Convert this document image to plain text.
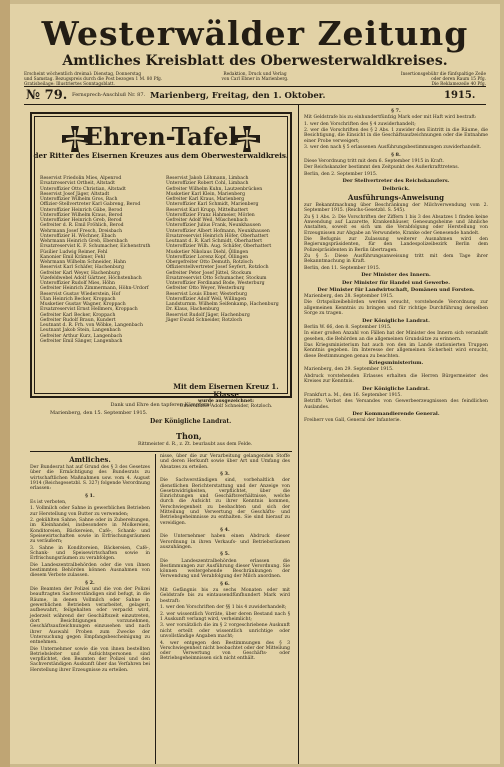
Westerwälder Zeitung
Amtliches Kreisblatt des Oberwesterwaldkreises.
Erscheint wöchentlich dreimal: Dienstag, Donnerstag
und Samstag. Bezugspreis durch die Post bezogen 1 M. 80 Pfg.
Gratisbeilage: Illustriertes Sonntagsblatt.
Redaktion, Druck und Verlag
von Carl Ebner in Marienberg.
Insertionsgebühr die fünfspaltige Zeile
oder deren Raum 15 Pfg.
Die Reklamezeile 40 Pfg.
№ 79. Fernsprech-Anschluß Nr. 87. Marienberg, Freitag, den 1. Oktober.	1915.
Ehren-Tafel
der Ritter des Eisernen Kreuzes aus dem Oberwesterwaldkreis.
Reservist Friedolin Mies, Alpenrod
Ersatzreservist Ortheit, Altstadt
Unteroffizier Otto Christian, Altstadt
Reservist Josef Jäger, Altstadt
Unteroffizier Wilhelm Gros, Bach
Offizier-Stellvertreter Karl Gabreng, Berod
Unteroffizier Heinrich Gäbe, Berod
Unteroffizier Wilhelm Kraus, Berod
Unteroffizier Heinrich Greb, Berod
Gefreiter d. R. Emil Fröhlich, Berod
Wehrmann Josef Fresch, Dreisbach
Unteroffizier H. Wöchner, Ebach
Wehrmann Heinrich Greb, Ebersbach
Ersatzreservist K. F. Schumacher, Eichenstruth
Füsilier Ludwig Reimer, Fehl
Kanonier Emil Krämer, Fehl
Wehrmann Wilhelm Schneider, Hahn
Reservist Karl Schäfer, Hachenburg
Gefreiter Karl Weyer, Hachenburg
Vizefeldwebel Adolf Gärtner, Höchstenbach
Unteroffizier Rudolf Mies, Höhn
Gefreiter Heinrich Zimmermann, Höhn-Urdorf
Reservist Gustav Wiederstein, Hof
Ulan Heinrich Becker, Kroppach
Musketier Gustav Wagner, Kroppach
Ersatzreservist Ernst Hellmers, Kroppach
Gefreiter Karl Becker, Kroppach
Gefreiter Rudolf Braun, Kundert
Leutnant d. R. Frh. von Wöbke, Langenbach
Leutnant Jakob Stein, Langenbach
Gefreiter Arthur Kurz, Langenbach
Gefreiter Emil Sänger, Langenbach
Reservist Jakob Löhmann, Limbach
Unteroffizier Robert Cohl, Limbach
Gefreiter Wilhelm Kuhn, Lautzenbrücken
Musketier Karl Klein, Marienberg
Gefreiter Karl Kraus, Marienberg
Unteroffizier Karl Schmidt, Marienberg
Reservist Karl Krupp, Mittelhattert
Unteroffizier Franz Hahmeier, Mörlen
Gefreiter Adolf Weil, Müschenbach
Unteroffizier Julius Frank, Neunkhausen
Unteroffizier Albert Hofmann, Neunkhausen
Ersatzreservist Heinrich Höfer, Oberhattert
Leutnant d. R. Karl Schmidt, Oberhattert
Unteroffizier Wilh. Aug. Schäfer, Oberhattert
Musketier Nikolaus Diehl, Öllingen
Unteroffizier Lorenz Kopf, Öllingen
Obergefreiter Otto Demuth, Rotzloch
Offizierstellvertreter Josef Seyfert, Rotzloch
Gefreiter Peter Josef Jüttel, Stockum
Ersatzreservist Otto Schumacher, Stockum
Unteroffizier Ferdinand Bode, Westerburg
Gefreiter Otto Weyer, Westerburg
Reservist Louis Ebner, Westerburg
Unteroffizier Adolf Weil, Willingen
Landsturmm. Wilhelm Seifenkamp, Hachenburg
Dr. Klaus, Hachenburg
Reservist Rudolf Jäger, Hachenburg
Jäger Ewald Schneider, Rotzloch
Mit dem Eisernen Kreuz 1. Klasse
wurde ausgezeichnet:
Unteroffizier Adolf Schneider, Rotzloch.
Dank und Ehre den tapferen Kämpfern!
Marienberg, den 15. September 1915.
Der Königliche Landrat.
Thon,
Rittmeister d. R., z. Zt. beurlaubt aus dem Felde.
Amtliches.

Der Bundesrat hat auf Grund des § 3 des Gesetzes über die Ermächtigung des Bundesrats zu wirtschaftlichen Maßnahmen usw. vom 4. August 1914 (Reichsgesetzbl. S. 327) folgende Verordnung erlassen:

§ 1.

Es ist verboten,

1. Vollmilch oder Sahne in gewerblichen Betrieben zur Herstellung von Butter zu verwenden;

2. gekühlten Sahne, Sahne oder in Zubereitungen, im Kleinhandel, insbesondere in Molkereien, Konditoreien, Bäckereien, Café-, Schank- und Speisewirtschaften sowie in Erfrischungsräumen zu veräußern;

3. Sahne in Konditoreien, Bäckereien, Café-, Schank- und Speisewirtschaften sowie in Erfrischungsräumen zu verabfolgen.

Die Landeszentralbehörden oder die von ihnen bestimmten Behörden können Ausnahmen von diesem Verbote zulassen.

§ 2.

Die Beamten der Polizei und die von der Polizei beauftragten Sachverständigen sind befugt, in die Räume, in denen Vollmilch oder Sahne in gewerblichen Betrieben verarbeitet, gelagert, aufbewahrt, feilgehalten oder verpackt wird, jederzeit während der Geschäftszeit einzutreten, dort Besichtigungen vorzunehmen, Geschäftsaufzeichnungen einzusehen und nach ihrer Auswahl Proben zum Zwecke der Untersuchung gegen Empfangsbescheinigung zu entnehmen.

Die Unternehmer sowie die von ihnen bestellten Betriebsleiter und Aufsichtspersonen sind verpflichtet, den Beamten der Polizei und den Sachverständigen Auskunft über das Verfahren bei Herstellung ihrer Erzeugnisse zu erteilen.

nisse, über die zur Verarbeitung gelangenden Stoffe und deren Herkunft sowie über Art und Umfang des Absatzes zu erteilen.

§ 3.

Die Sachverständigen sind, vorbehaltlich der dienstlichen Berichterstattung und der Anzeige von Gesetzwidrigkeiten, verpflichtet, über die Einrichtungen und Geschäftsverhältnisse, welche durch die Aufsicht zu ihrer Kenntnis kommen, Verschwiegenheit zu beobachten und sich der Mitteilung und Verwertung der Geschäfts- und Betriebsgeheimnisse zu enthalten. Sie sind hierauf zu vereidigen.

§ 4.

Die Unternehmer haben einen Abdruck dieser Verordnung in ihren Verkaufs- und Betriebsräumen auszuhängen.

§ 5.

Die Landeszentralbehörden erlassen die Bestimmungen zur Ausführung dieser Verordnung. Sie können weitergehende Beschränkungen der Verwendung und Verabfolgung der Milch anordnen.

§ 6.

Mit Gefängnis bis zu sechs Monaten oder mit Geldstrafe bis zu eintausendfünfhundert Mark wird bestraft:

1. wer den Vorschriften der §§ 1 bis 4 zuwiderhandelt;

2. wer wissentlich Vorräte, über deren Bestand nach § 1 Auskunft verlangt wird, verheimlicht;

3. wer vorsätzlich die im § 2 vorgeschriebene Auskunft nicht erteilt oder wissentlich unrichtige oder unvollständige Angaben macht;

4. wer entgegen den Bestimmungen des § 3 Verschwiegenheit nicht beobachtet oder der Mitteilung oder Verwertung von Geschäfts- oder Betriebsgeheimnissen sich nicht enthält.

§ 7.

Mit Geldstrafe bis zu einhundertfünfzig Mark oder mit Haft wird bestraft:

1. wer den Vorschriften des § 4 zuwiderhandelt;

2. wer die Vorschriften des § 2 Abs. 1 zuwider den Eintritt in die Räume, die Besichtigung, die Einsicht in die Geschäftsaufzeichnungen oder die Entnahme einer Probe verweigert;

3. wer den nach § 5 erlassenen Ausführungsbestimmungen zuwiderhandelt.

§ 8.

Diese Verordnung tritt mit dem 6. September 1915 in Kraft.

Der Reichskanzler bestimmt den Zeitpunkt des Außerkrafttretens.

Berlin, den 2. September 1915.

Der Stellvertreter des Reichskanzlers.

Delbrück.

Ausführungs-Anweisung

zur Bekanntmachung über Beschränkung der Milchverwendung vom 2. September 1915. (Reichs-Gesetzbl. S. 545).

Zu § 1 Abs. 2: Die Vorschriften der Ziffern 1 bis 3 des Absatzes 1 finden keine Anwendung auf Lazarette, Krankenhäuser, Genesungsheime und ähnliche Anstalten, soweit es sich um die Verabfolgung oder Herstellung von Erzeugnissen zur Abgabe an Verwundete, Kranke oder Genesende handelt.

Die Befugnis zur Zulassung weiterer Ausnahmen wird den Regierungspräsidenten, für den Landespolizeibezirk Berlin dem Polizeipräsidenten in Berlin übertragen.

Zu § 5: Diese Ausführungsanweisung tritt mit dem Tage ihrer Bekanntmachung in Kraft.

Berlin, den 11. September 1915.

Der Minister des Innern.

Der Minister für Handel und Gewerbe.

Der Minister für Landwirtschaft, Domänen und Forsten.

Marienberg, den 28. September 1915.

Die Ortspolizeibehörden werden ersucht, vorstehende Verordnung zur allgemeinen Kenntnis zu bringen und für richtige Durchführung derselben Sorge zu tragen.

Der Königliche Landrat.

Berlin W. 66, den 8. September 1915.

In einer großen Anzahl von Fällen hat der Minister des Innern sich veranlaßt gesehen, die Behörden an die allgemeinen Grundsätze zu erinnern.

Das Kriegsministerium hat auch von den im Lande stationierten Truppen Kenntnis gegeben. Im Interesse der allgemeinen Sicherheit wird ersucht, diese Bestimmungen genau zu beachten.

Kriegsministerium.

Marienberg, den 29. September 1915.

Abdruck vorstehenden Erlasses erhalten die Herren Bürgermeister des Kreises zur Kenntnis.

Der Königliche Landrat.

Frankfurt a. M., den 16. September 1915.

Betrifft: Verbot des Versandes von Gewerbeerzeugnissen des feindlichen Auslandes.

Der Kommandierende General.

Freiherr von Gall, General der Infanterie.
